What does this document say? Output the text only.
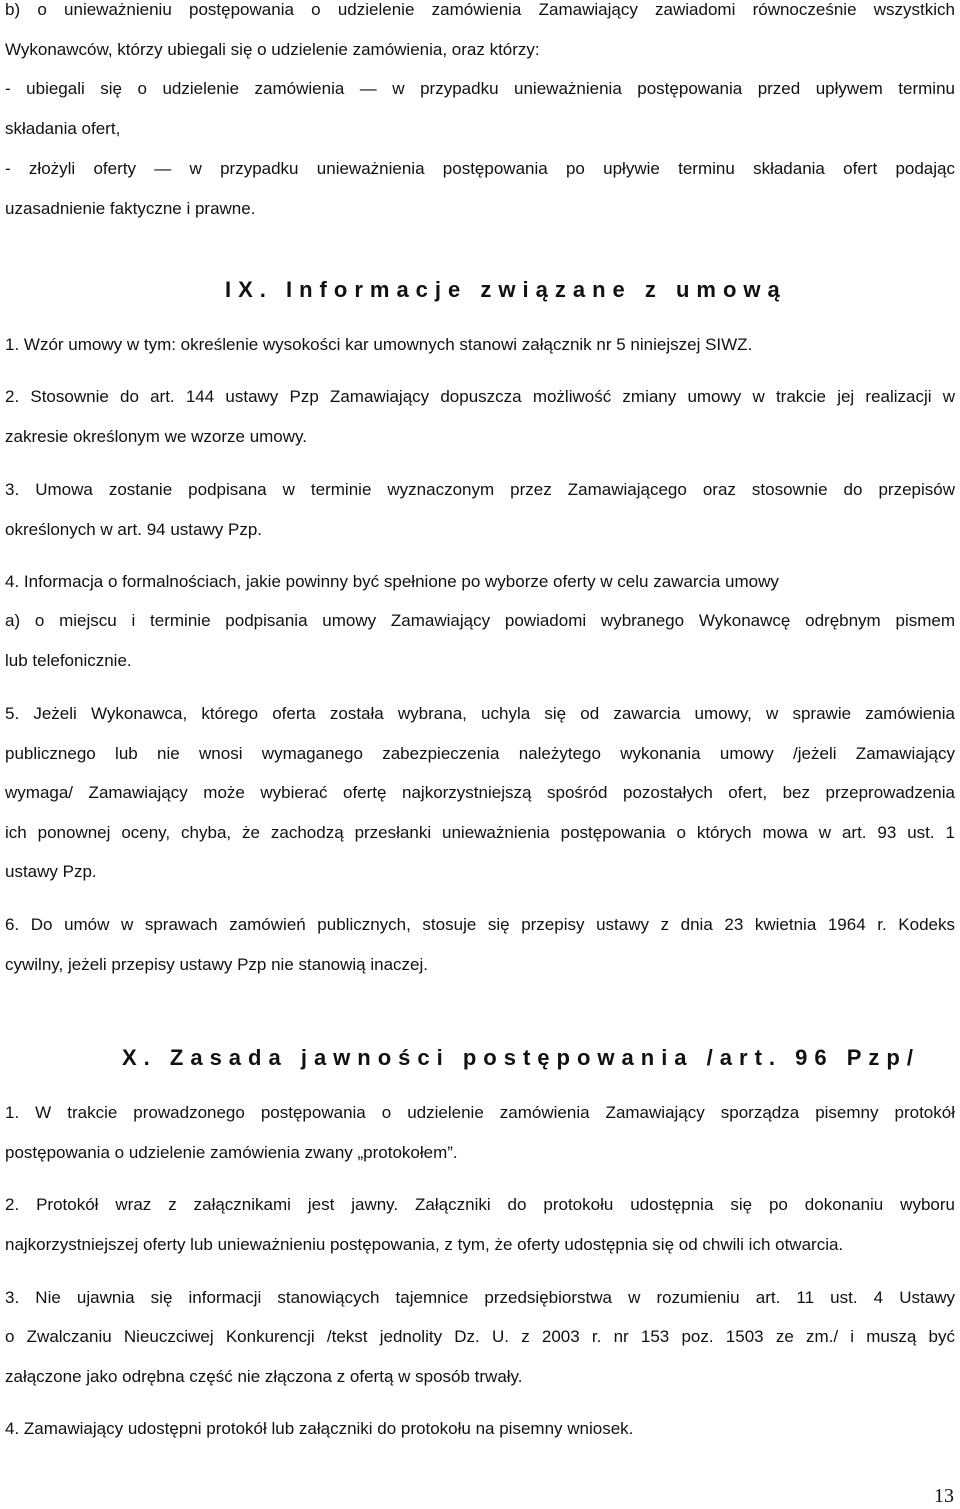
b) o unieważnieniu postępowania o udzielenie zamówienia Zamawiający zawiadomi równocześnie wszystkich
Wykonawców, którzy ubiegali się o udzielenie zamówienia, oraz którzy:
- ubiegali się o udzielenie zamówienia — w przypadku unieważnienia postępowania przed upływem terminu
składania ofert,
- złożyli oferty — w przypadku unieważnienia postępowania po upływie terminu składania ofert podając
uzasadnienie faktyczne i prawne.
IX. Informacje związane z umową
1. Wzór umowy w tym: określenie wysokości kar umownych stanowi załącznik nr 5 niniejszej SIWZ.
2. Stosownie do art. 144 ustawy Pzp Zamawiający dopuszcza możliwość zmiany umowy w trakcie jej realizacji w
zakresie określonym we wzorze umowy.
3. Umowa zostanie podpisana w terminie wyznaczonym przez Zamawiającego oraz stosownie do przepisów
określonych w art. 94 ustawy Pzp.
4. Informacja o formalnościach, jakie powinny być spełnione po wyborze oferty w celu zawarcia umowy
a) o miejscu i terminie podpisania umowy Zamawiający powiadomi wybranego Wykonawcę odrębnym pismem
lub telefonicznie.
5. Jeżeli Wykonawca, którego oferta została wybrana, uchyla się od zawarcia umowy, w sprawie zamówienia
publicznego lub nie wnosi wymaganego zabezpieczenia należytego wykonania umowy /jeżeli Zamawiający
wymaga/ Zamawiający może wybierać ofertę najkorzystniejszą spośród pozostałych ofert, bez przeprowadzenia
ich ponownej oceny, chyba, że zachodzą przesłanki unieważnienia postępowania o których mowa w art. 93 ust. 1
ustawy Pzp.
6. Do umów w sprawach zamówień publicznych, stosuje się przepisy ustawy z dnia 23 kwietnia 1964 r. Kodeks
cywilny, jeżeli przepisy ustawy Pzp nie stanowią inaczej.
X. Zasada jawności postępowania /art. 96 Pzp/
1. W trakcie prowadzonego postępowania o udzielenie zamówienia Zamawiający sporządza pisemny protokół
postępowania o udzielenie zamówienia zwany „protokołem”.
2. Protokół wraz z załącznikami jest jawny. Załączniki do protokołu udostępnia się po dokonaniu wyboru
najkorzystniejszej oferty lub unieważnieniu postępowania, z tym, że oferty udostępnia się od chwili ich otwarcia.
3. Nie ujawnia się informacji stanowiących tajemnice przedsiębiorstwa w rozumieniu art. 11 ust. 4 Ustawy
o Zwalczaniu Nieuczciwej Konkurencji /tekst jednolity Dz. U. z 2003 r. nr 153 poz. 1503 ze zm./ i muszą być
załączone jako odrębna część nie złączona z ofertą w sposób trwały.
4. Zamawiający udostępni protokół lub załączniki do protokołu na pisemny wniosek.
13
